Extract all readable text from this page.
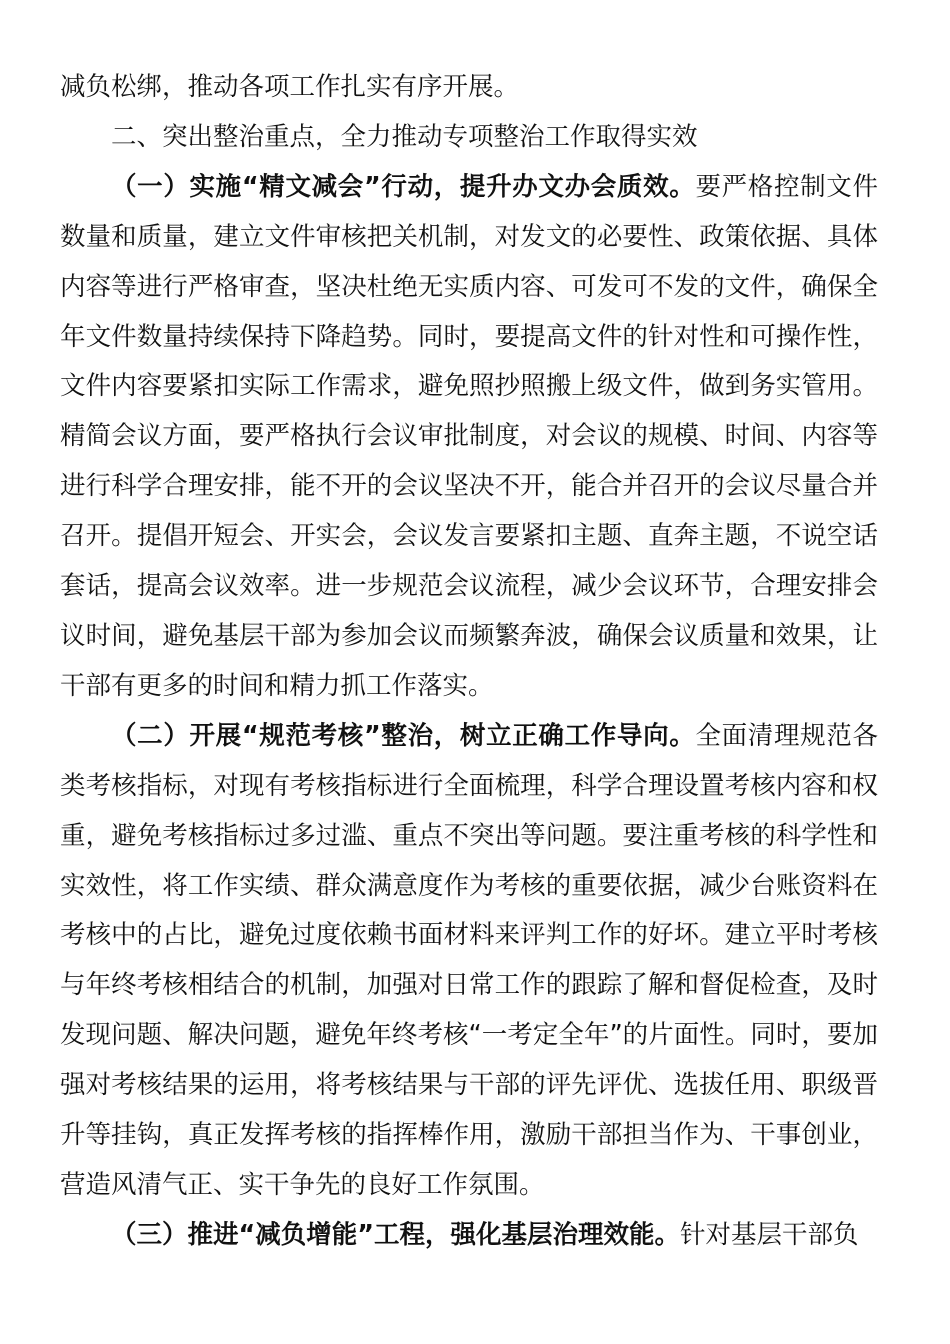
减负松绑，推动各项工作扎实有序开展。

二、突出整治重点，全力推动专项整治工作取得实效

（一）实施“精文减会”行动，提升办文办会质效。要严格控制文件数量和质量，建立文件审核把关机制，对发文的必要性、政策依据、具体内容等进行严格审查，坚决杜绝无实质内容、可发可不发的文件，确保全年文件数量持续保持下降趋势。同时，要提高文件的针对性和可操作性，文件内容要紧扣实际工作需求，避免照抄照搬上级文件，做到务实管用。精简会议方面，要严格执行会议审批制度，对会议的规模、时间、内容等进行科学合理安排，能不开的会议坚决不开，能合并召开的会议尽量合并召开。提倡开短会、开实会，会议发言要紧扣主题、直奔主题，不说空话套话，提高会议效率。进一步规范会议流程，减少会议环节，合理安排会议时间，避免基层干部为参加会议而频繁奔波，确保会议质量和效果，让干部有更多的时间和精力抓工作落实。

（二）开展“规范考核”整治，树立正确工作导向。全面清理规范各类考核指标，对现有考核指标进行全面梳理，科学合理设置考核内容和权重，避免考核指标过多过滥、重点不突出等问题。要注重考核的科学性和实效性，将工作实绩、群众满意度作为考核的重要依据，减少台账资料在考核中的占比，避免过度依赖书面材料来评判工作的好坏。建立平时考核与年终考核相结合的机制，加强对日常工作的跟踪了解和督促检查，及时发现问题、解决问题，避免年终考核“一考定全年”的片面性。同时，要加强对考核结果的运用，将考核结果与干部的评先评优、选拔任用、职级晋升等挂钩，真正发挥考核的指挥棒作用，激励干部担当作为、干事创业，营造风清气正、实干争先的良好工作氛围。

（三）推进“减负增能”工程，强化基层治理效能。针对基层干部负
